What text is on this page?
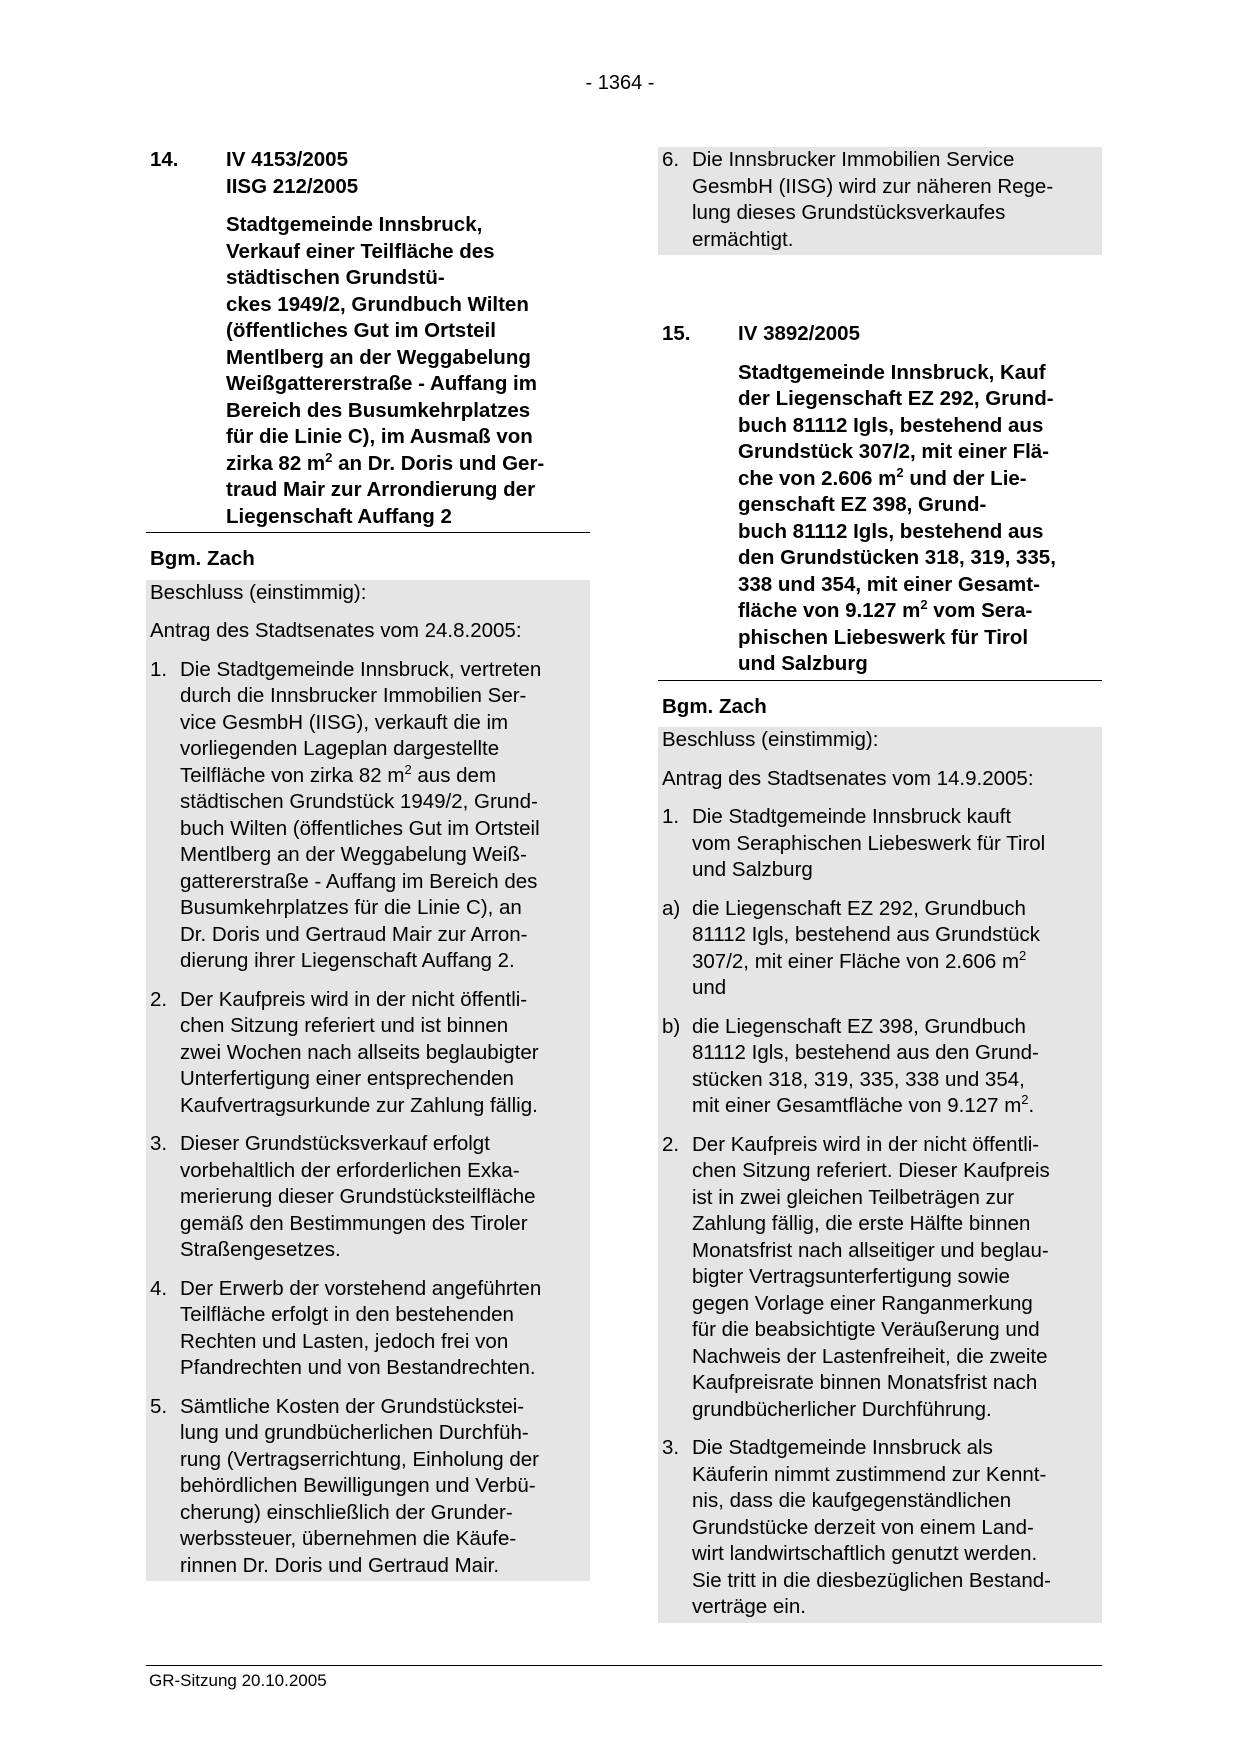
- 1364 -
14.	IV 4153/2005
IISG 212/2005
Stadtgemeinde Innsbruck,
Verkauf einer Teilfläche des
städtischen Grundstü-
ckes 1949/2, Grundbuch Wilten
(öffentliches Gut im Ortsteil
Mentlberg an der Weggabelung
Weißgattererstraße - Auffang im
Bereich des Busumkehrplatzes
für die Linie C), im Ausmaß von
zirka 82 $m^2$ an Dr. Doris und Ger-
traud Mair zur Arrondierung der
Liegenschaft Auffang 2
Bgm. Zach

Beschluss (einstimmig):

Antrag des Stadtsenates vom 24.8.2005:

1. Die Stadtgemeinde Innsbruck, vertreten
durch die Innsbrucker Immobilien Ser-
vice GesmbH (IISG), verkauft die im
vorliegenden Lageplan dargestellte
Teilfläche von zirka 82 $m^2$ aus dem
städtischen Grundstück 1949/2, Grund-
buch Wilten (öffentliches Gut im Ortsteil
Mentlberg an der Weggabelung Weiß-
gattererstraße - Auffang im Bereich des
Busumkehrplatzes für die Linie C), an
Dr. Doris und Gertraud Mair zur Arron-
dierung ihrer Liegenschaft Auffang 2.
2. Der Kaufpreis wird in der nicht öffentli-
chen Sitzung referiert und ist binnen
zwei Wochen nach allseits beglaubigter
Unterfertigung einer entsprechenden
Kaufvertragsurkunde zur Zahlung fällig.
3. Dieser Grundstücksverkauf erfolgt
vorbehaltlich der erforderlichen Exka-
merierung dieser Grundstücksteilfläche
gemäß den Bestimmungen des Tiroler
Straßengesetzes.
4. Der Erwerb der vorstehend angeführten
Teilfläche erfolgt in den bestehenden
Rechten und Lasten, jedoch frei von
Pfandrechten und von Bestandrechten.
5. Sämtliche Kosten der Grundstückstei-
lung und grundbücherlichen Durchfüh-
rung (Vertragserrichtung, Einholung der
behördlichen Bewilligungen und Verbü-
cherung) einschließlich der Grunder-
werbssteuer, übernehmen die Käufe-
rinnen Dr. Doris und Gertraud Mair.
6. Die Innsbrucker Immobilien Service
GesmbH (IISG) wird zur näheren Rege-
lung dieses Grundstücksverkaufes
ermächtigt.
15.	IV 3892/2005
Stadtgemeinde Innsbruck, Kauf
der Liegenschaft EZ 292, Grund-
buch 81112 Igls, bestehend aus
Grundstück 307/2, mit einer Flä-
che von 2.606 $m^2$ und der Lie-
genschaft EZ 398, Grund-
buch 81112 Igls, bestehend aus
den Grundstücken 318, 319, 335,
338 und 354, mit einer Gesamt-
fläche von 9.127 $m^2$ vom Sera-
phischen Liebeswerk für Tirol
und Salzburg
Bgm. Zach

Beschluss (einstimmig):

Antrag des Stadtsenates vom 14.9.2005:

1. Die Stadtgemeinde Innsbruck kauft
vom Seraphischen Liebeswerk für Tirol
und Salzburg
a) die Liegenschaft EZ 292, Grundbuch
81112 Igls, bestehend aus Grundstück
307/2, mit einer Fläche von 2.606 $m^2$
und
b) die Liegenschaft EZ 398, Grundbuch
81112 Igls, bestehend aus den Grund-
stücken 318, 319, 335, 338 und 354,
mit einer Gesamtfläche von 9.127 $m^2$.
2. Der Kaufpreis wird in der nicht öffentli-
chen Sitzung referiert. Dieser Kaufpreis
ist in zwei gleichen Teilbeträgen zur
Zahlung fällig, die erste Hälfte binnen
Monatsfrist nach allseitiger und beglau-
bigter Vertragsunterfertigung sowie
gegen Vorlage einer Ranganmerkung
für die beabsichtigte Veräußerung und
Nachweis der Lastenfreiheit, die zweite
Kaufpreisrate binnen Monatsfrist nach
grundbücherlicher Durchführung.
3. Die Stadtgemeinde Innsbruck als
Käuferin nimmt zustimmend zur Kennt-
nis, dass die kaufgegenständlichen
Grundstücke derzeit von einem Land-
wirt landwirtschaftlich genutzt werden.
Sie tritt in die diesbezüglichen Bestand-
verträge ein.
GR-Sitzung 20.10.2005
